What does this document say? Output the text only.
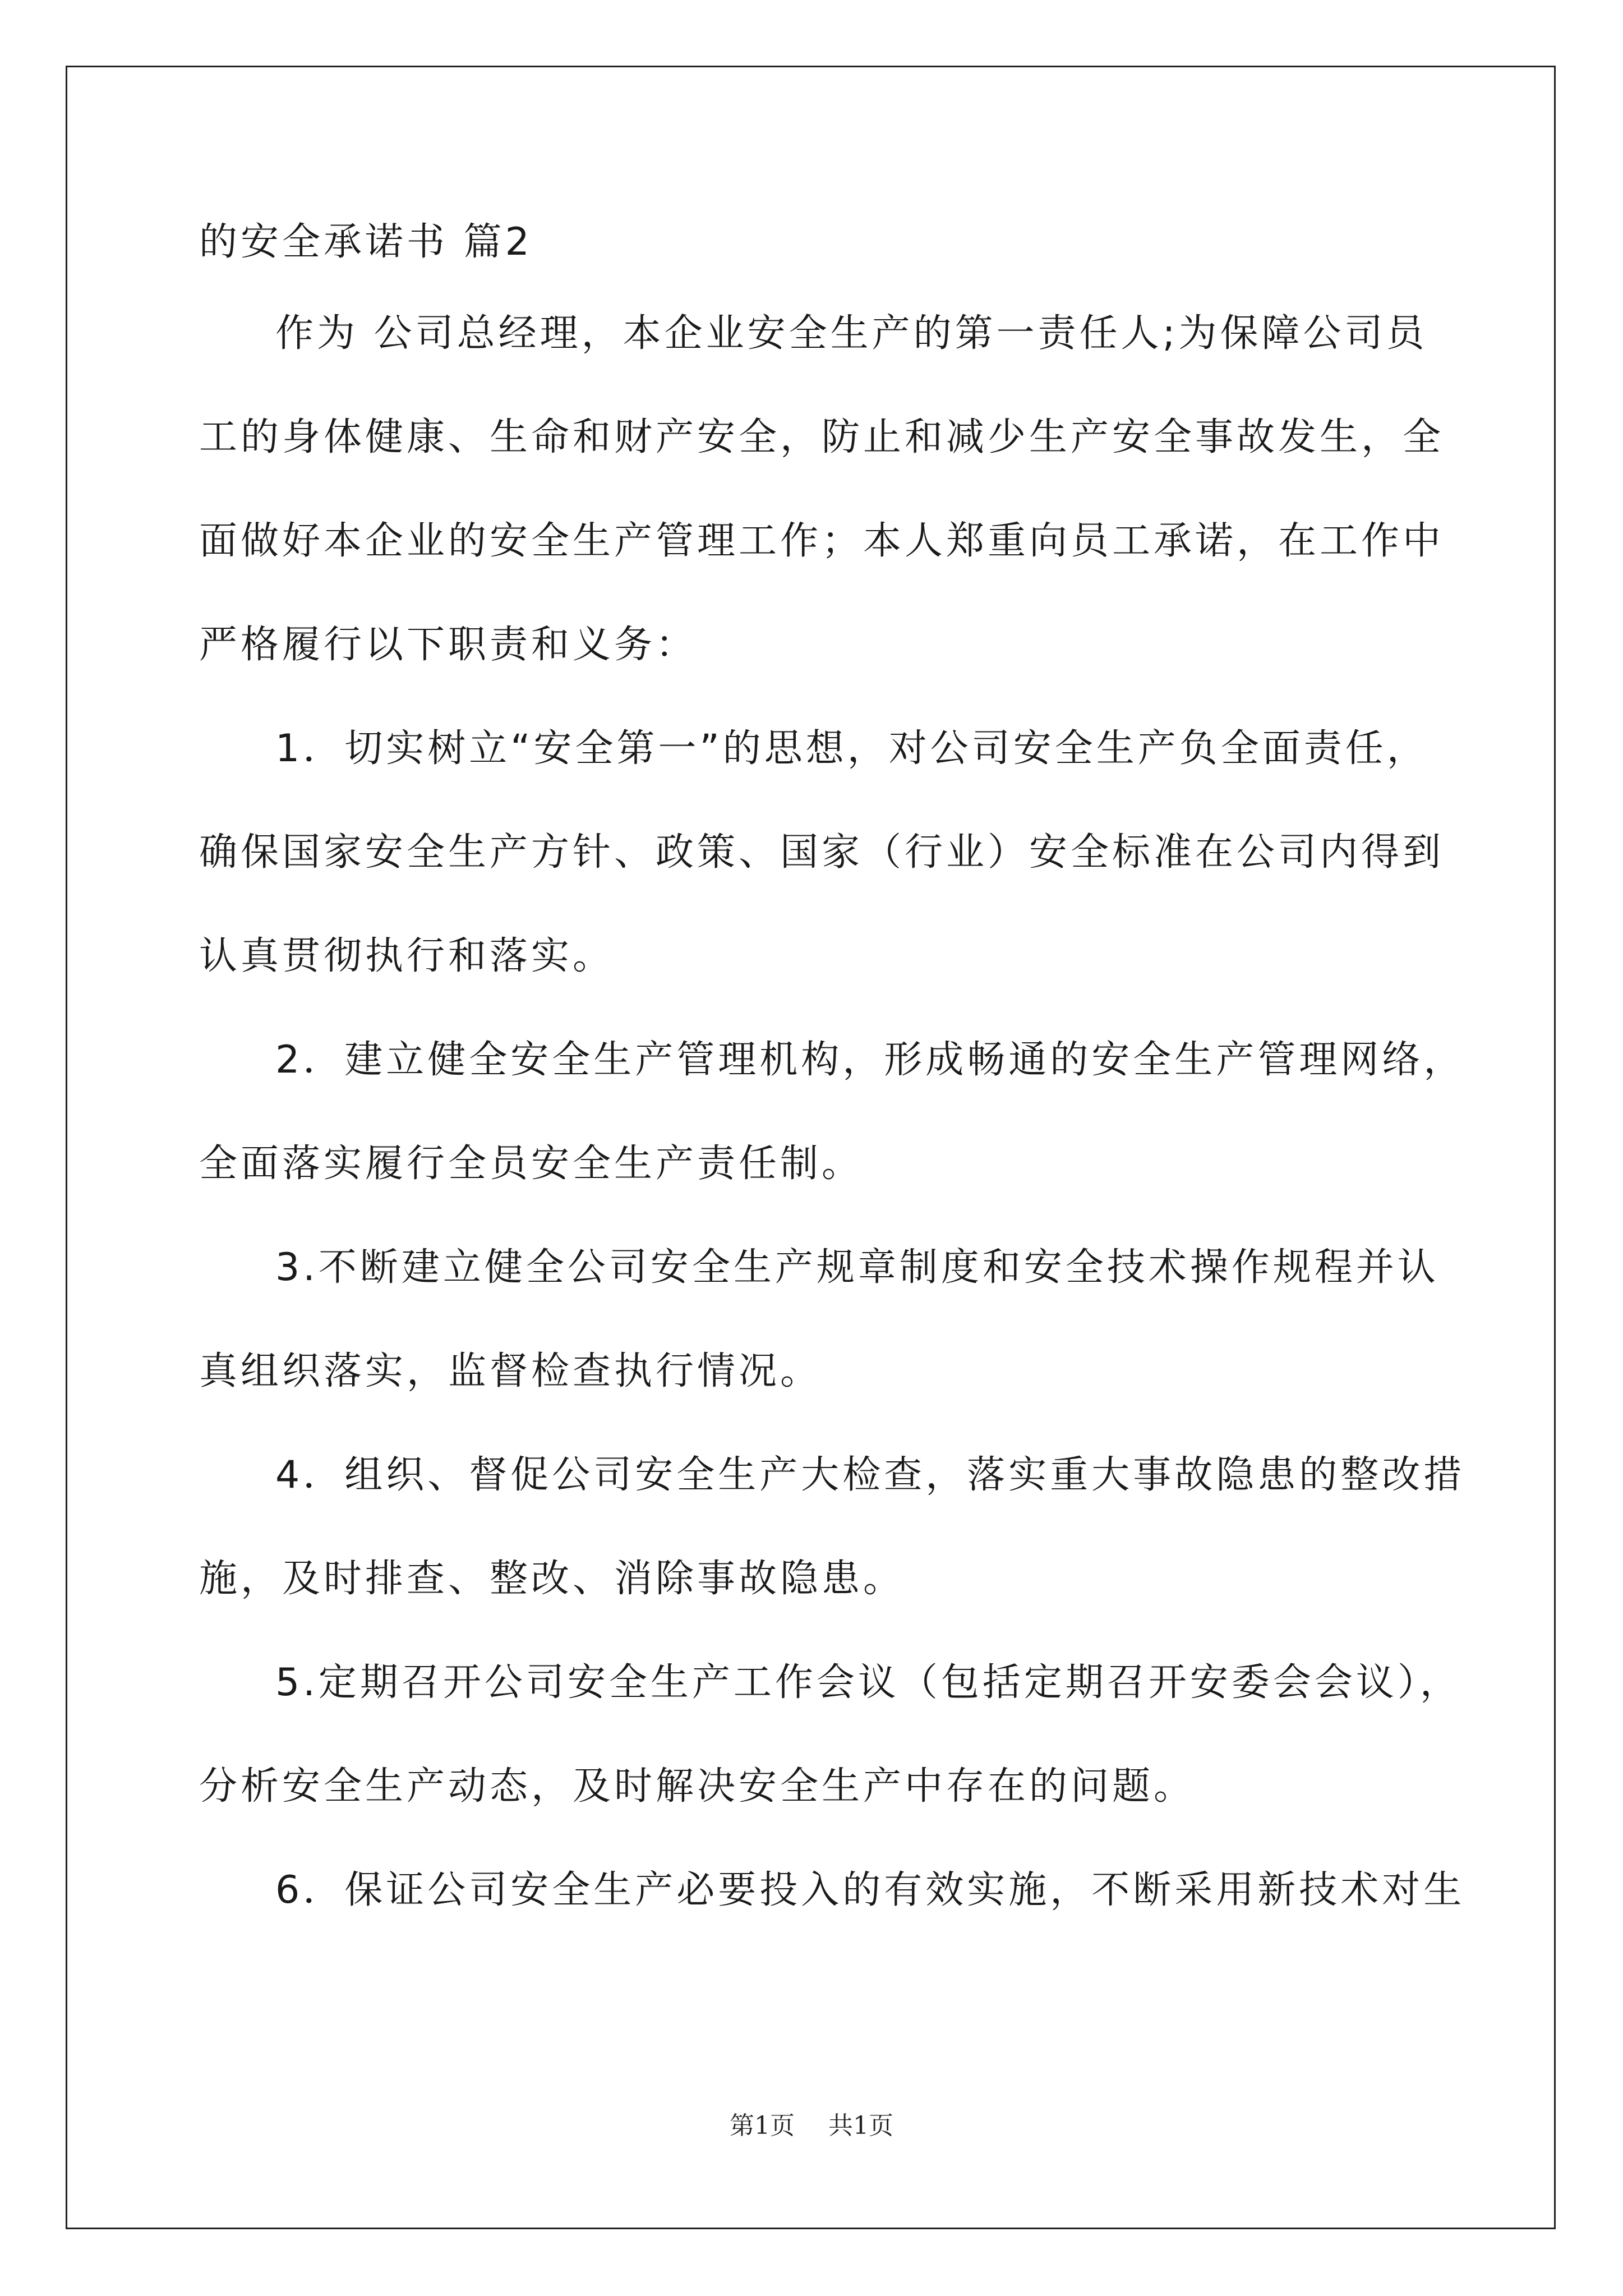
的安全承诺书 篇2

作为 公司总经理，本企业安全生产的第一责任人;为保障公司员

工的身体健康、生命和财产安全，防止和减少生产安全事故发生，全

面做好本企业的安全生产管理工作；本人郑重向员工承诺，在工作中

严格履行以下职责和义务：

1．切实树立“安全第一”的思想，对公司安全生产负全面责任，

确保国家安全生产方针、政策、国家（行业）安全标准在公司内得到

认真贯彻执行和落实。

2．建立健全安全生产管理机构，形成畅通的安全生产管理网络，

全面落实履行全员安全生产责任制。

3.不断建立健全公司安全生产规章制度和安全技术操作规程并认

真组织落实，监督检查执行情况。

4．组织、督促公司安全生产大检查，落实重大事故隐患的整改措

施，及时排查、整改、消除事故隐患。

5.定期召开公司安全生产工作会议（包括定期召开安委会会议），

分析安全生产动态，及时解决安全生产中存在的问题。

6．保证公司安全生产必要投入的有效实施，不断采用新技术对生

第1页 共1页
